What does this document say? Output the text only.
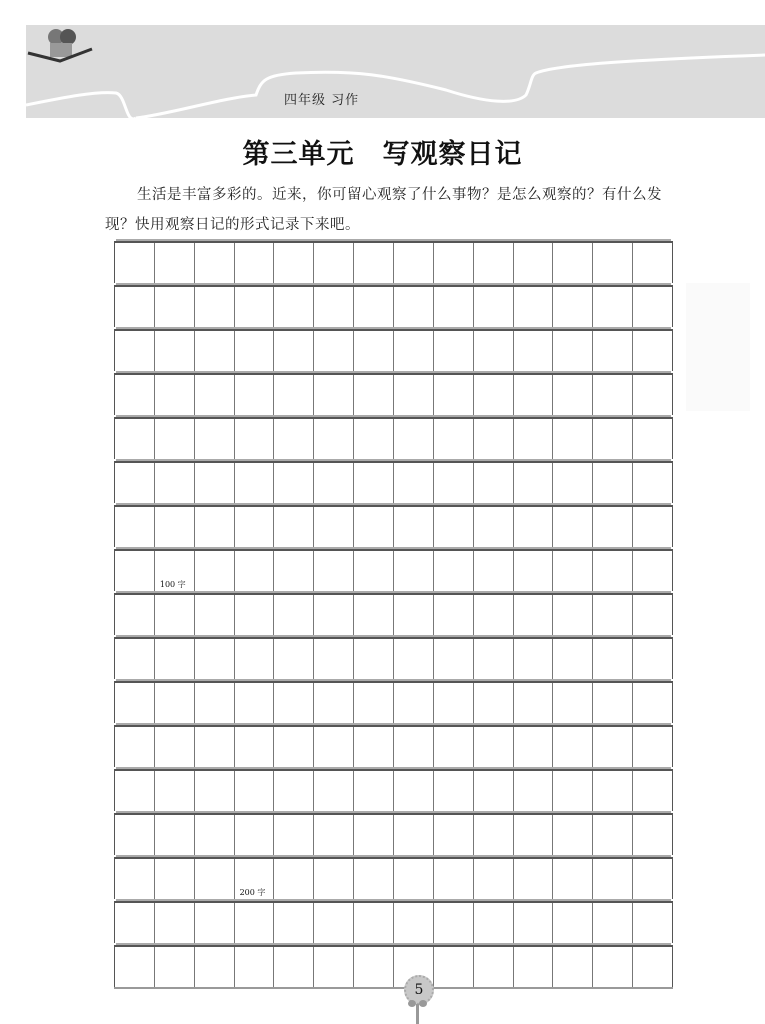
四年级 习作
第三单元　写观察日记
生活是丰富多彩的。近来，你可留心观察了什么事物？是怎么观察的？有什么发现？快用观察日记的形式记录下来吧。
100 字
200 字
5
